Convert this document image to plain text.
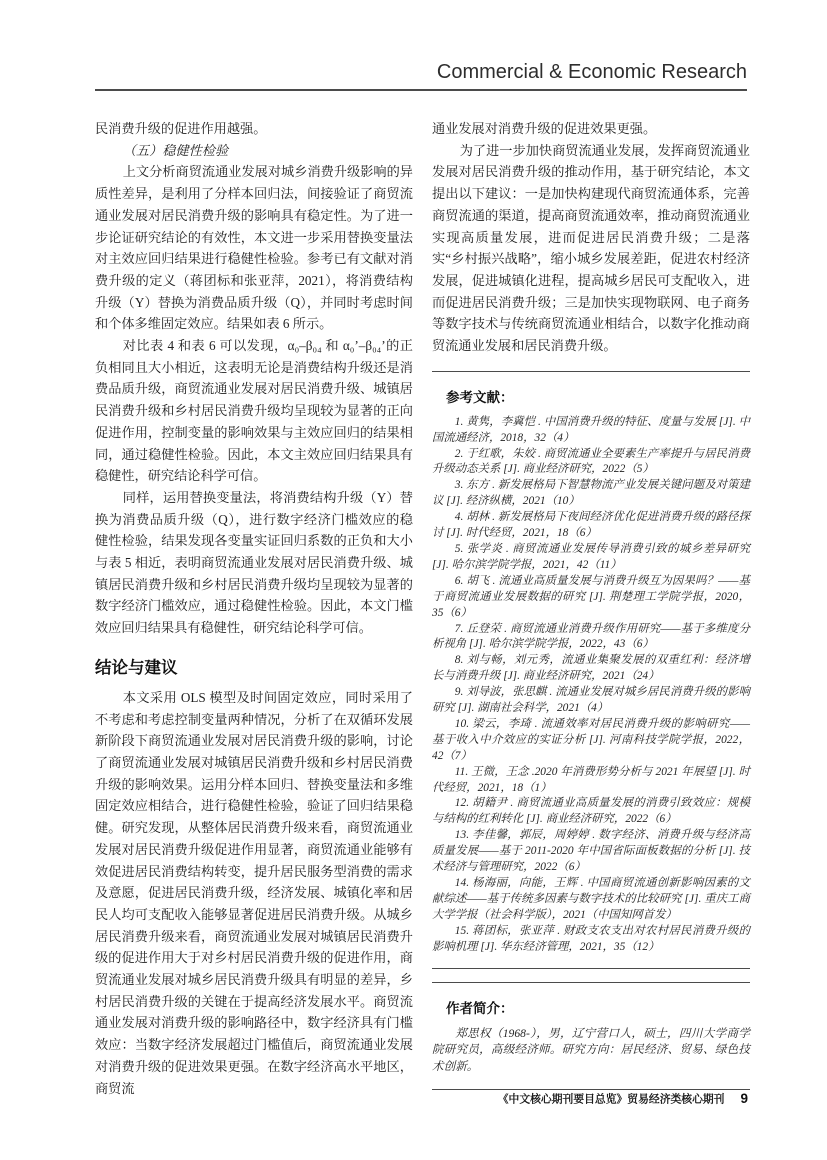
Commercial & Economic Research

民消费升级的促进作用越强。

（五）稳健性检验

上文分析商贸流通业发展对城乡消费升级影响的异质性差异，是利用了分样本回归法，间接验证了商贸流通业发展对居民消费升级的影响具有稳定性。为了进一步论证研究结论的有效性，本文进一步采用替换变量法对主效应回归结果进行稳健性检验。参考已有文献对消费升级的定义（蒋团标和张亚萍，2021），将消费结构升级（Y）替换为消费品质升级（Q），并同时考虑时间和个体多维固定效应。结果如表 6 所示。

对比表 4 和表 6 可以发现，α₀–β₀₄ 和 α₀’–β₀₄’的正负相同且大小相近，这表明无论是消费结构升级还是消费品质升级，商贸流通业发展对居民消费升级、城镇居民消费升级和乡村居民消费升级均呈现较为显著的正向促进作用，控制变量的影响效果与主效应回归的结果相同，通过稳健性检验。因此，本文主效应回归结果具有稳健性，研究结论科学可信。

同样，运用替换变量法，将消费结构升级（Y）替换为消费品质升级（Q），进行数字经济门槛效应的稳健性检验，结果发现各变量实证回归系数的正负和大小与表 5 相近，表明商贸流通业发展对居民消费升级、城镇居民消费升级和乡村居民消费升级均呈现较为显著的数字经济门槛效应，通过稳健性检验。因此，本文门槛效应回归结果具有稳健性，研究结论科学可信。

结论与建议

本文采用 OLS 模型及时间固定效应，同时采用了不考虑和考虑控制变量两种情况，分析了在双循环发展新阶段下商贸流通业发展对居民消费升级的影响，讨论了商贸流通业发展对城镇居民消费升级和乡村居民消费升级的影响效果。运用分样本回归、替换变量法和多维固定效应相结合，进行稳健性检验，验证了回归结果稳健。研究发现，从整体居民消费升级来看，商贸流通业发展对居民消费升级促进作用显著，商贸流通业能够有效促进居民消费结构转变，提升居民服务型消费的需求及意愿，促进居民消费升级，经济发展、城镇化率和居民人均可支配收入能够显著促进居民消费升级。从城乡居民消费升级来看，商贸流通业发展对城镇居民消费升级的促进作用大于对乡村居民消费升级的促进作用，商贸流通业发展对城乡居民消费升级具有明显的差异，乡村居民消费升级的关键在于提高经济发展水平。商贸流通业发展对消费升级的影响路径中，数字经济具有门槛效应：当数字经济发展超过门槛值后，商贸流通业发展对消费升级的促进效果更强。在数字经济高水平地区，商贸流

通业发展对消费升级的促进效果更强。

为了进一步加快商贸流通业发展，发挥商贸流通业发展对居民消费升级的推动作用，基于研究结论，本文提出以下建议：一是加快构建现代商贸流通体系，完善商贸流通的渠道，提高商贸流通效率，推动商贸流通业实现高质量发展，进而促进居民消费升级；二是落实“乡村振兴战略”，缩小城乡发展差距，促进农村经济发展，促进城镇化进程，提高城乡居民可支配收入，进而促进居民消费升级；三是加快实现物联网、电子商务等数字技术与传统商贸流通业相结合，以数字化推动商贸流通业发展和居民消费升级。

参考文献：

1. 黄隽，李冀恺 . 中国消费升级的特征、度量与发展 [J]. 中国流通经济，2018，32（4）

2. 于红歌，朱姣 . 商贸流通业全要素生产率提升与居民消费升级动态关系 [J]. 商业经济研究，2022（5）

3. 东方 . 新发展格局下智慧物流产业发展关键问题及对策建议 [J]. 经济纵横，2021（10）

4. 胡林 . 新发展格局下夜间经济优化促进消费升级的路径探讨 [J]. 时代经贸，2021，18（6）

5. 张学炎 . 商贸流通业发展传导消费引致的城乡差异研究 [J]. 哈尔滨学院学报，2021，42（11）

6. 胡飞 . 流通业高质量发展与消费升级互为因果吗？——基于商贸流通业发展数据的研究 [J]. 荆楚理工学院学报，2020，35（6）

7. 丘登荣 . 商贸流通业消费升级作用研究——基于多维度分析视角 [J]. 哈尔滨学院学报，2022，43（6）

8. 刘与畅，刘元秀，流通业集聚发展的双重红利：经济增长与消费升级 [J]. 商业经济研究，2021（24）

9. 刘导波，张思麒 . 流通业发展对城乡居民消费升级的影响研究 [J]. 湖南社会科学，2021（4）

10. 梁云，李琦 . 流通效率对居民消费升级的影响研究——基于收入中介效应的实证分析 [J]. 河南科技学院学报，2022，42（7）

11. 王微，王念 .2020 年消费形势分析与 2021 年展望 [J]. 时代经贸，2021，18（1）

12. 胡籍尹 . 商贸流通业高质量发展的消费引致效应：规模与结构的红利转化 [J]. 商业经济研究，2022（6）

13. 李佳馨，郭辰，周婷婷 . 数字经济、消费升级与经济高质量发展——基于 2011-2020 年中国省际面板数据的分析 [J]. 技术经济与管理研究，2022（6）

14. 杨海丽，向能，王辉 . 中国商贸流通创新影响因素的文献综述——基于传统多因素与数字技术的比较研究 [J]. 重庆工商大学学报（社会科学版），2021（中国知网首发）

15. 蒋团标，张亚萍 . 财政支农支出对农村居民消费升级的影响机理 [J]. 华东经济管理，2021，35（12）

作者简介：

郑思权（1968-），男，辽宁营口人，硕士，四川大学商学院研究员，高级经济师。研究方向：居民经济、贸易、绿色技术创新。

《中文核心期刊要目总览》贸易经济类核心期刊 9
